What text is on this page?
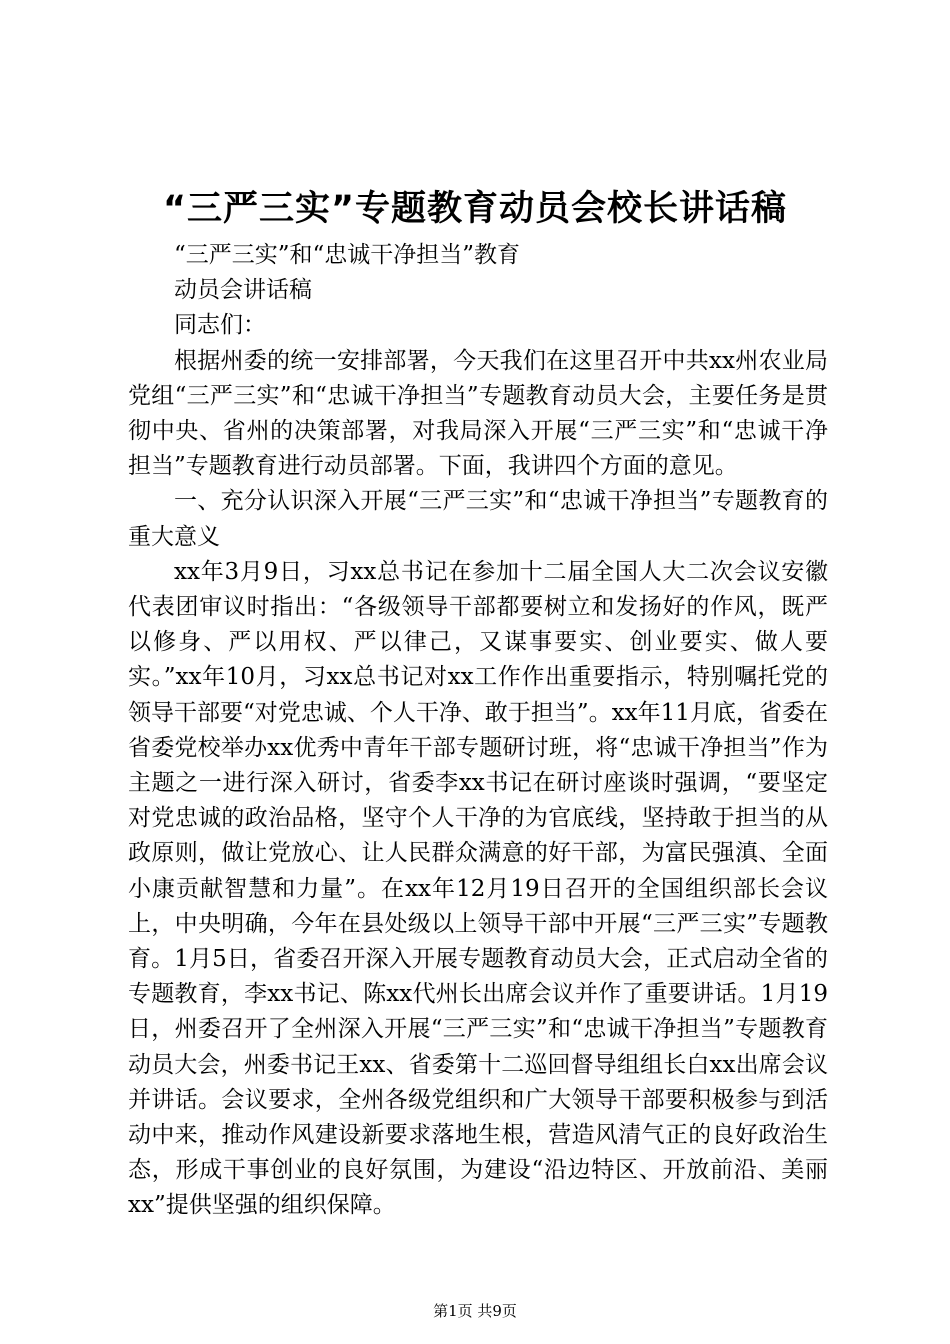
“三严三实”专题教育动员会校长讲话稿

“三严三实”和“忠诚干净担当”教育

动员会讲话稿

同志们：

根据州委的统一安排部署，今天我们在这里召开中共xx州农业局党组“三严三实”和“忠诚干净担当”专题教育动员大会，主要任务是贯彻中央、省州的决策部署，对我局深入开展“三严三实”和“忠诚干净担当”专题教育进行动员部署。下面，我讲四个方面的意见。

一、充分认识深入开展“三严三实”和“忠诚干净担当”专题教育的重大意义

xx年3月9日，习xx总书记在参加十二届全国人大二次会议安徽代表团审议时指出：“各级领导干部都要树立和发扬好的作风，既严以修身、严以用权、严以律己，又谋事要实、创业要实、做人要实。”xx年10月，习xx总书记对xx工作作出重要指示，特别嘱托党的领导干部要“对党忠诚、个人干净、敢于担当”。xx年11月底，省委在省委党校举办xx优秀中青年干部专题研讨班，将“忠诚干净担当”作为主题之一进行深入研讨，省委李xx书记在研讨座谈时强调，“要坚定对党忠诚的政治品格，坚守个人干净的为官底线，坚持敢于担当的从政原则，做让党放心、让人民群众满意的好干部，为富民强滇、全面小康贡献智慧和力量”。在xx年12月19日召开的全国组织部长会议上，中央明确，今年在县处级以上领导干部中开展“三严三实”专题教育。1月5日，省委召开深入开展专题教育动员大会，正式启动全省的专题教育，李xx书记、陈xx代州长出席会议并作了重要讲话。1月19日，州委召开了全州深入开展“三严三实”和“忠诚干净担当”专题教育动员大会，州委书记王xx、省委第十二巡回督导组组长白xx出席会议并讲话。会议要求，全州各级党组织和广大领导干部要积极参与到活动中来，推动作风建设新要求落地生根，营造风清气正的良好政治生态，形成干事创业的良好氛围，为建设“沿边特区、开放前沿、美丽xx”提供坚强的组织保障。

第1页 共9页
